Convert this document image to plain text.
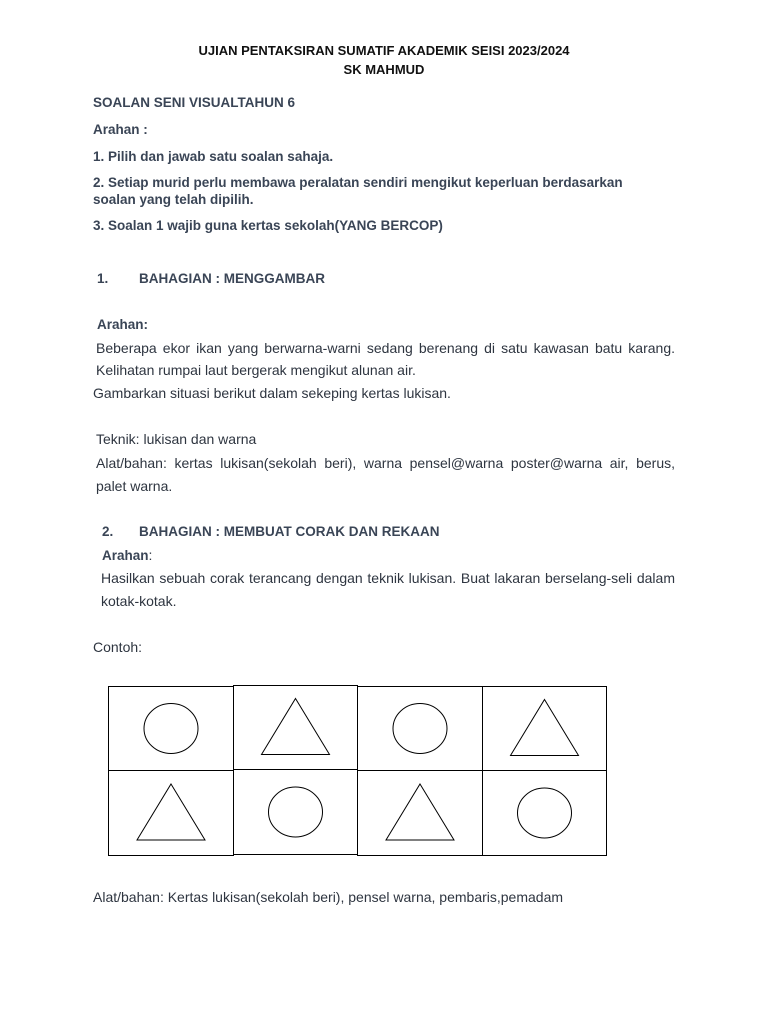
UJIAN PENTAKSIRAN SUMATIF AKADEMIK SEISI 2023/2024
SK MAHMUD
SOALAN SENI VISUALTAHUN 6
Arahan :
1. Pilih dan jawab satu soalan sahaja.
2. Setiap murid perlu membawa peralatan sendiri mengikut keperluan berdasarkan
soalan yang telah dipilih.
3. Soalan 1 wajib guna kertas sekolah(YANG BERCOP)
1. BAHAGIAN : MENGGAMBAR
Arahan:
Beberapa ekor ikan yang berwarna-warni sedang berenang di satu kawasan batu karang.
Kelihatan rumpai laut bergerak mengikut alunan air.
Gambarkan situasi berikut dalam sekeping kertas lukisan.
Teknik: lukisan dan warna
Alat/bahan: kertas lukisan(sekolah beri), warna pensel@warna poster@warna air, berus,
palet warna.
2. BAHAGIAN : MEMBUAT CORAK DAN REKAAN
Arahan:
Hasilkan sebuah corak terancang dengan teknik lukisan. Buat lakaran berselang-seli dalam
kotak-kotak.
Contoh:
Alat/bahan: Kertas lukisan(sekolah beri), pensel warna, pembaris,pemadam
